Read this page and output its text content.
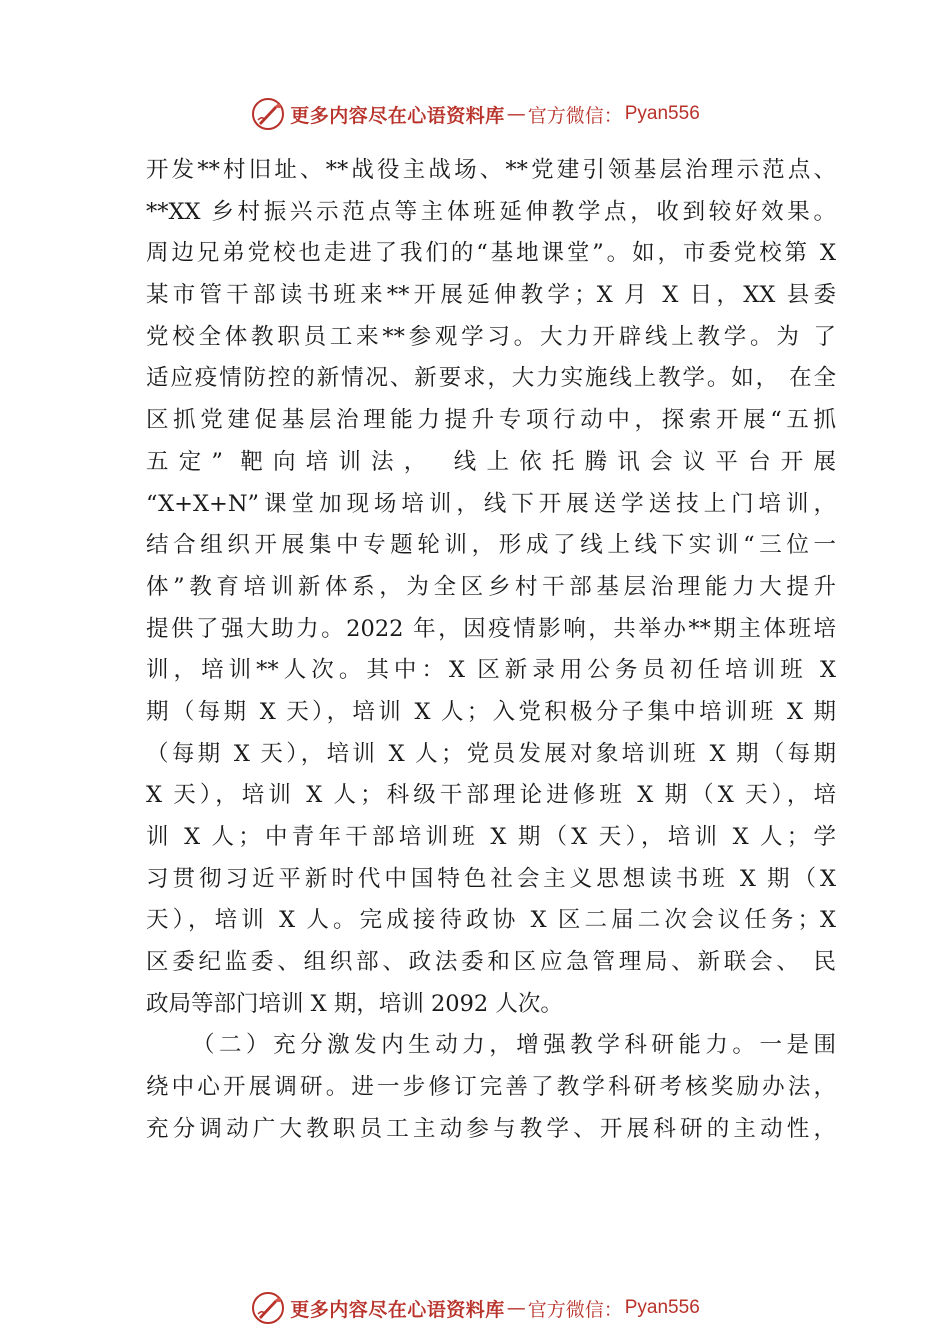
更多内容尽在心语资料库 — 官方微信： Pyan556
开发**村旧址、**战役主战场、**党建引领基层治理示范点、
**XX 乡村振兴示范点等主体班延伸教学点，收到较好效果。
周边兄弟党校也走进了我们的“基地课堂”。如，市委党校第 X
某市管干部读书班来**开展延伸教学；X 月 X 日，XX 县委
党校全体教职员工来**参观学习。大力开辟线上教学。为 了
适应疫情防控的新情况、新要求，大力实施线上教学。如， 在全
区抓党建促基层治理能力提升专项行动中，探索开展“五抓
五定” 靶向培训法， 线上依托腾讯会议平台开展
“X+X+N”课堂加现场培训，线下开展送学送技上门培训，
结合组织开展集中专题轮训，形成了线上线下实训“三位一
体”教育培训新体系，为全区乡村干部基层治理能力大提升
提供了强大助力。2022 年，因疫情影响，共举办**期主体班培
训，培训**人次。其中：X 区新录用公务员初任培训班 X
期（每期 X 天），培训 X 人；入党积极分子集中培训班 X 期
（每期 X 天），培训 X 人；党员发展对象培训班 X 期（每期
X 天），培训 X 人；科级干部理论进修班 X 期（X 天），培
训 X 人；中青年干部培训班 X 期（X 天），培训 X 人；学
习贯彻习近平新时代中国特色社会主义思想读书班 X 期（X
天），培训 X 人。完成接待政协 X 区二届二次会议任务；X
区委纪监委、组织部、政法委和区应急管理局、新联会、 民
政局等部门培训 X 期，培训 2092 人次。
（二）充分激发内生动力，增强教学科研能力。一是围
绕中心开展调研。进一步修订完善了教学科研考核奖励办法，
充分调动广大教职员工主动参与教学、开展科研的主动性，
更多内容尽在心语资料库 — 官方微信： Pyan556
